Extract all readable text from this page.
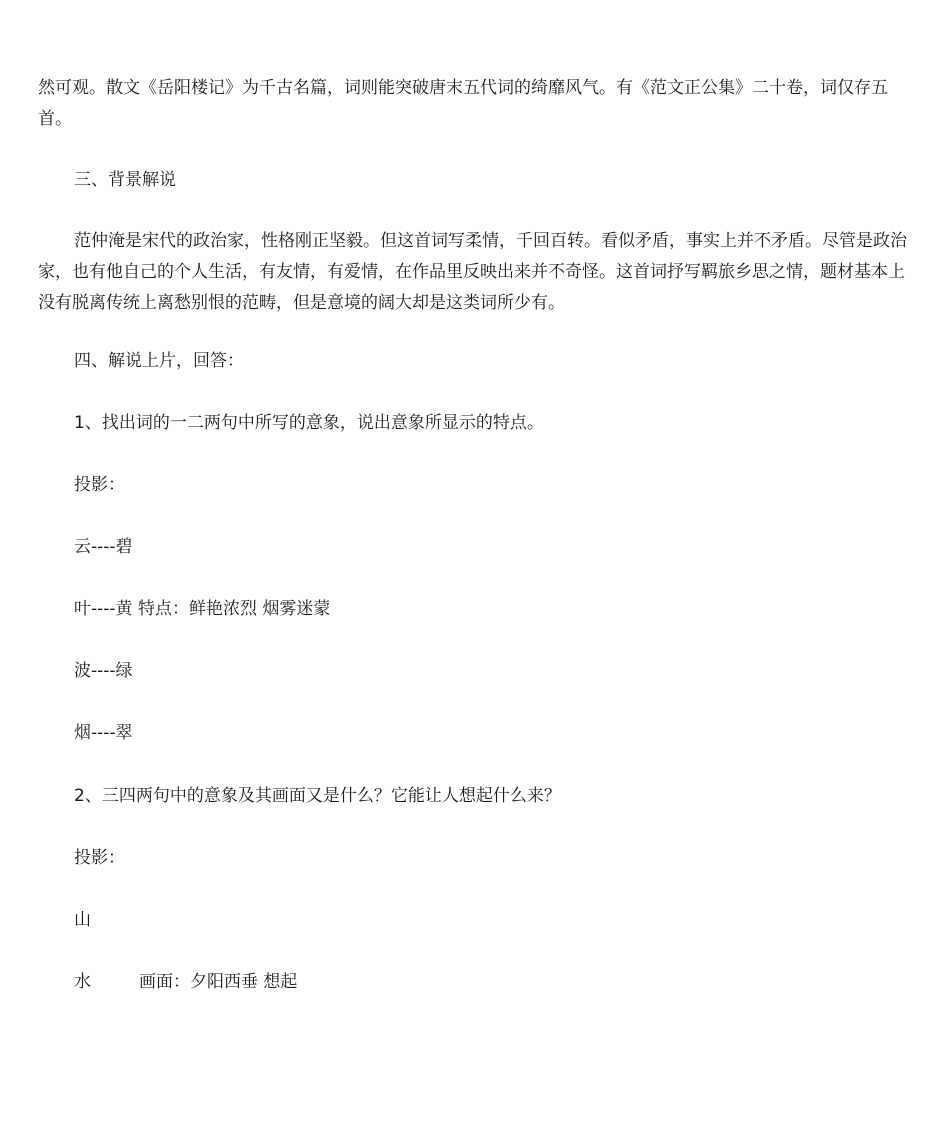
然可观。散文《岳阳楼记》为千古名篇，词则能突破唐末五代词的绮靡风气。有《范文正公集》二十卷，词仅存五首。

三、背景解说

范仲淹是宋代的政治家，性格刚正坚毅。但这首词写柔情，千回百转。看似矛盾，事实上并不矛盾。尽管是政治家，也有他自己的个人生活，有友情，有爱情，在作品里反映出来并不奇怪。这首词抒写羁旅乡思之情，题材基本上没有脱离传统上离愁别恨的范畴，但是意境的阔大却是这类词所少有。

四、解说上片，回答：

1、找出词的一二两句中所写的意象，说出意象所显示的特点。

投影：

云----碧

叶----黄 特点：鲜艳浓烈 烟雾迷蒙

波----绿

烟----翠

2、三四两句中的意象及其画面又是什么？它能让人想起什么来？

投影：

山

水	画面：夕阳西垂 想起
